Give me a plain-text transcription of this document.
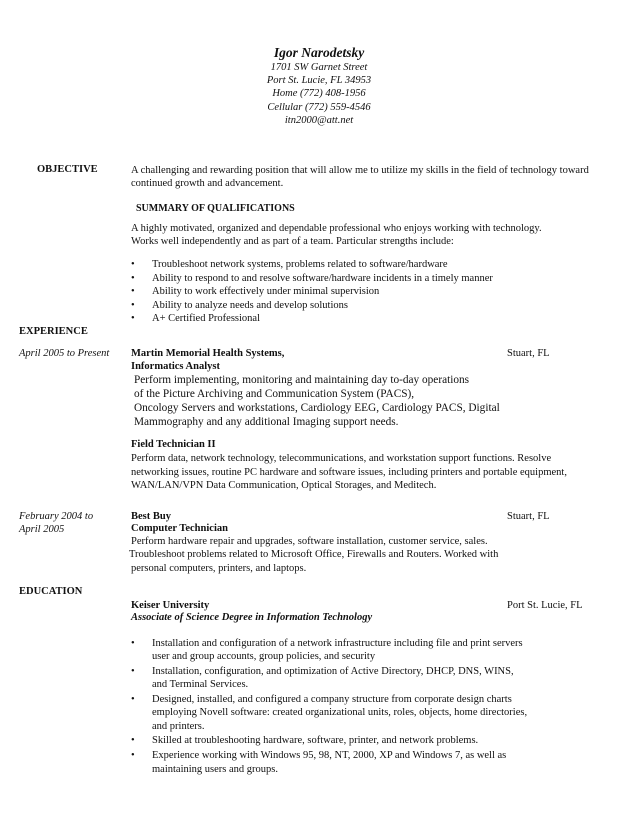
Igor Narodetsky
1701 SW Garnet Street
Port St. Lucie, FL 34953
Home (772) 408-1956
Cellular (772) 559-4546
itn2000@att.net
OBJECTIVE	A challenging and rewarding position that will allow me to utilize my skills in the field of technology toward
continued growth and advancement.
SUMMARY OF QUALIFICATIONS
A highly motivated, organized and dependable professional who enjoys working with technology.
Works well independently and as part of a team. Particular strengths include:
• Troubleshoot network systems, problems related to software/hardware
• Ability to respond to and resolve software/hardware incidents in a timely manner
• Ability to work effectively under minimal supervision
• Ability to analyze needs and develop solutions
• A+ Certified Professional
EXPERIENCE
April 2005 to Present Martin Memorial Health Systems,	Stuart, FL
Informatics Analyst
Perform implementing, monitoring and maintaining day to-day operations
of the Picture Archiving and Communication System (PACS),
Oncology Servers and workstations, Cardiology EEG, Cardiology PACS, Digital
Mammography and any additional Imaging support needs.
Field Technician II
Perform data, network technology, telecommunications, and workstation support functions. Resolve
networking issues, routine PC hardware and software issues, including printers and portable equipment,
WAN/LAN/VPN Data Communication, Optical Storages, and Meditech.
February 2004 to
April 2005
Best Buy	Stuart, FL
Computer Technician
Perform hardware repair and upgrades, software installation, customer service, sales.
Troubleshoot problems related to Microsoft Office, Firewalls and Routers. Worked with
personal computers, printers, and laptops.
EDUCATION
Keiser University	Port St. Lucie, FL
Associate of Science Degree in Information Technology
• Installation and configuration of a network infrastructure including file and print servers
user and group accounts, group policies, and security
• Installation, configuration, and optimization of Active Directory, DHCP, DNS, WINS,
and Terminal Services.
• Designed, installed, and configured a company structure from corporate design charts
employing Novell software: created organizational units, roles, objects, home directories,
and printers.
• Skilled at troubleshooting hardware, software, printer, and network problems.
• Experience working with Windows 95, 98, NT, 2000, XP and Windows 7, as well as
maintaining users and groups.
